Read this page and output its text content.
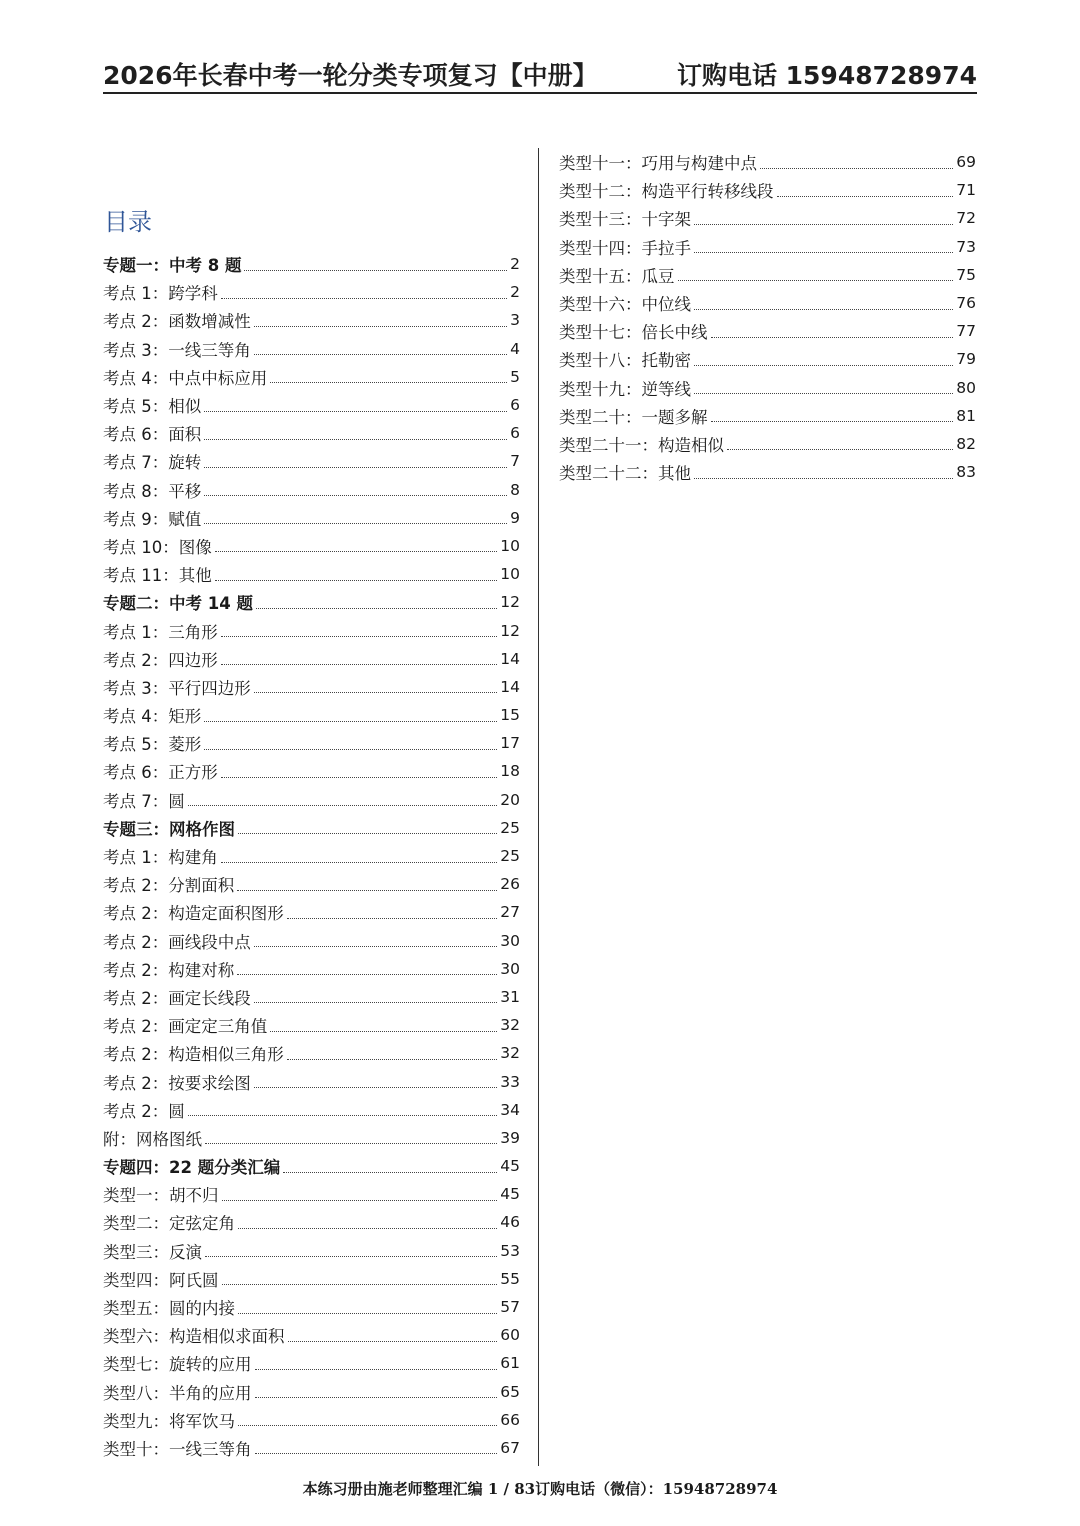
2026年长春中考一轮分类专项复习【中册】	订购电话 15948728974
目录
专题一：中考 8 题	2
考点 1：跨学科	2
考点 2：函数增减性	3
考点 3：一线三等角	4
考点 4：中点中标应用	5
考点 5：相似	6
考点 6：面积	6
考点 7：旋转	7
考点 8：平移	8
考点 9：赋值	9
考点 10：图像	10
考点 11：其他	10
专题二：中考 14 题	12
考点 1：三角形	12
考点 2：四边形	14
考点 3：平行四边形	14
考点 4：矩形	15
考点 5：菱形	17
考点 6：正方形	18
考点 7：圆	20
专题三：网格作图	25
考点 1：构建角	25
考点 2：分割面积	26
考点 2：构造定面积图形	27
考点 2：画线段中点	30
考点 2：构建对称	30
考点 2：画定长线段	31
考点 2：画定定三角值	32
考点 2：构造相似三角形	32
考点 2：按要求绘图	33
考点 2：圆	34
附：网格图纸	39
专题四：22 题分类汇编	45
类型一：胡不归	45
类型二：定弦定角	46
类型三：反演	53
类型四：阿氏圆	55
类型五：圆的内接	57
类型六：构造相似求面积	60
类型七：旋转的应用	61
类型八：半角的应用	65
类型九：将军饮马	66
类型十：一线三等角	67
类型十一：巧用与构建中点	69
类型十二：构造平行转移线段	71
类型十三：十字架	72
类型十四：手拉手	73
类型十五：瓜豆	75
类型十六：中位线	76
类型十七：倍长中线	77
类型十八：托勒密	79
类型十九：逆等线	80
类型二十：一题多解	81
类型二十一：构造相似	82
类型二十二：其他	83
本练习册由施老师整理汇编 1 / 83订购电话（微信）：15948728974
